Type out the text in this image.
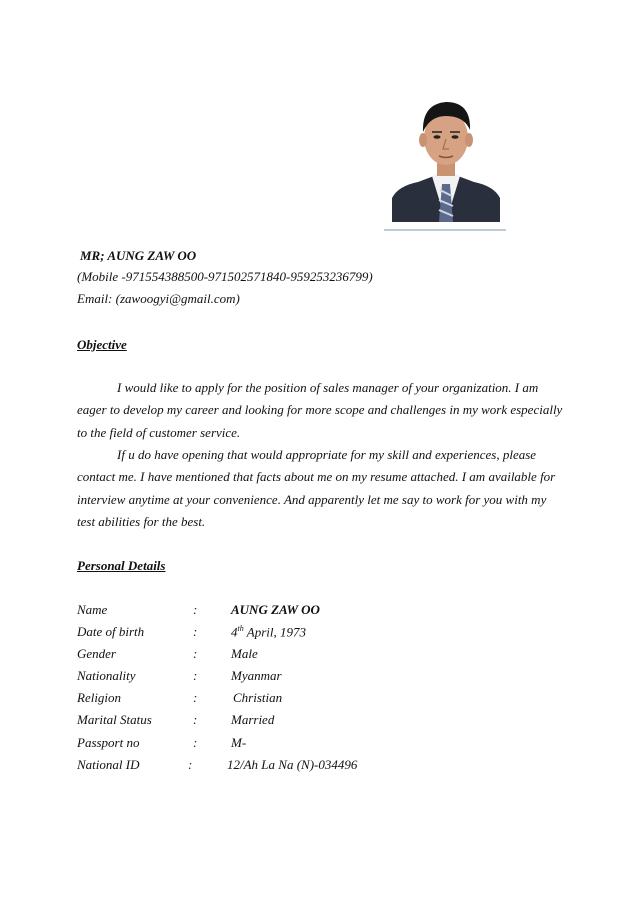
MR; AUNG ZAW OO
(Mobile -971554388500-971502571840-959253236799)
Email: (zawoogyi@gmail.com)
Objective

I would like to apply for the position of sales manager of your organization. I am eager to develop my career and looking for more scope and challenges in my work especially to the field of customer service.

If u do have opening that would appropriate for my skill and experiences, please contact me. I have mentioned that facts about me on my resume attached. I am available for interview anytime at your convenience. And apparently let me say to work for you with my test abilities for the best.

Personal Details
Name	:	AUNG ZAW OO
Date of birth	:	4th April, 1973
Gender	:	Male
Nationality	:	Myanmar
Religion	:	Christian
Marital Status	:	Married
Passport no	:	M-
National ID	:	12/Ah La Na (N)-034496
